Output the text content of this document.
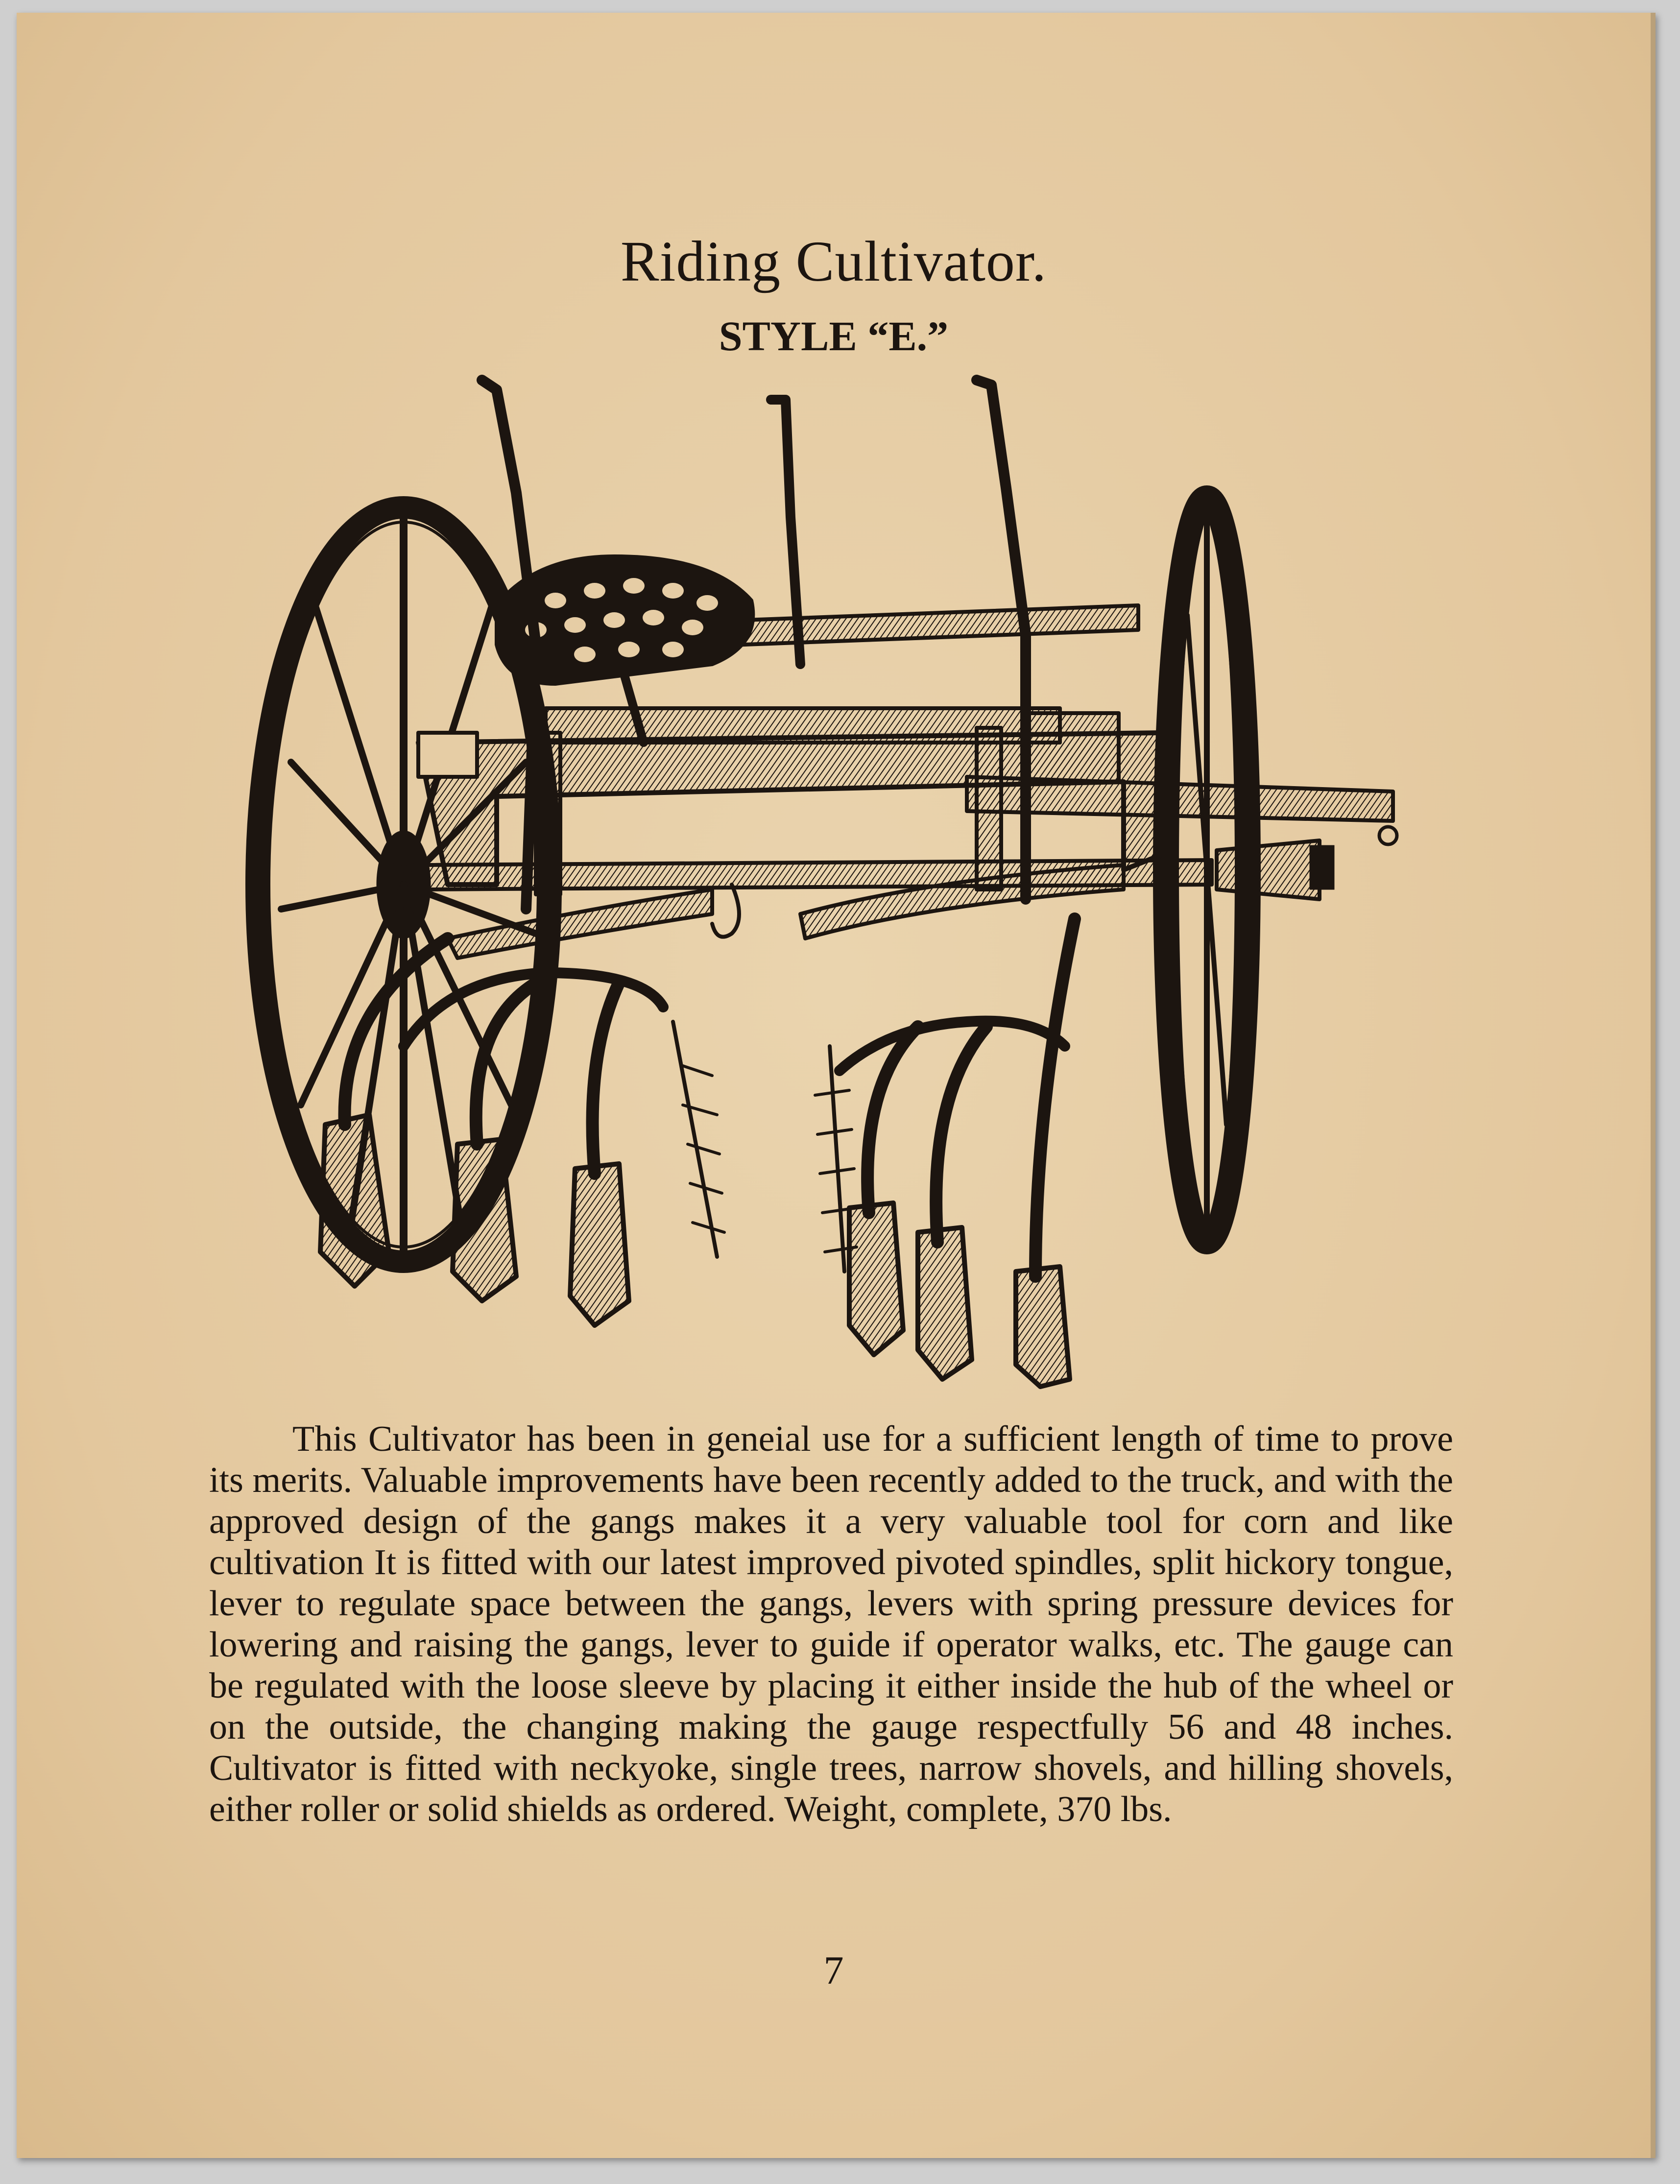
Riding Cultivator.
STYLE “E.”
This Cultivator has been in geneial use for a sufficient length of time to prove its merits. Valuable improvements have been recently added to the truck, and with the approved design of the gangs makes it a very valuable tool for corn and like cultivation It is fitted with our latest improved pivoted spindles, split hickory tongue, lever to regulate space between the gangs, levers with spring pressure devices for lowering and raising the gangs, lever to guide if operator walks, etc. The gauge can be regulated with the loose sleeve by placing it either inside the hub of the wheel or on the outside, the changing making the gauge respectfully 56 and 48 inches. Cultivator is fitted with neckyoke, single trees, narrow shovels, and hilling shovels, either roller or solid shields as ordered. Weight, complete, 370 lbs.
7
